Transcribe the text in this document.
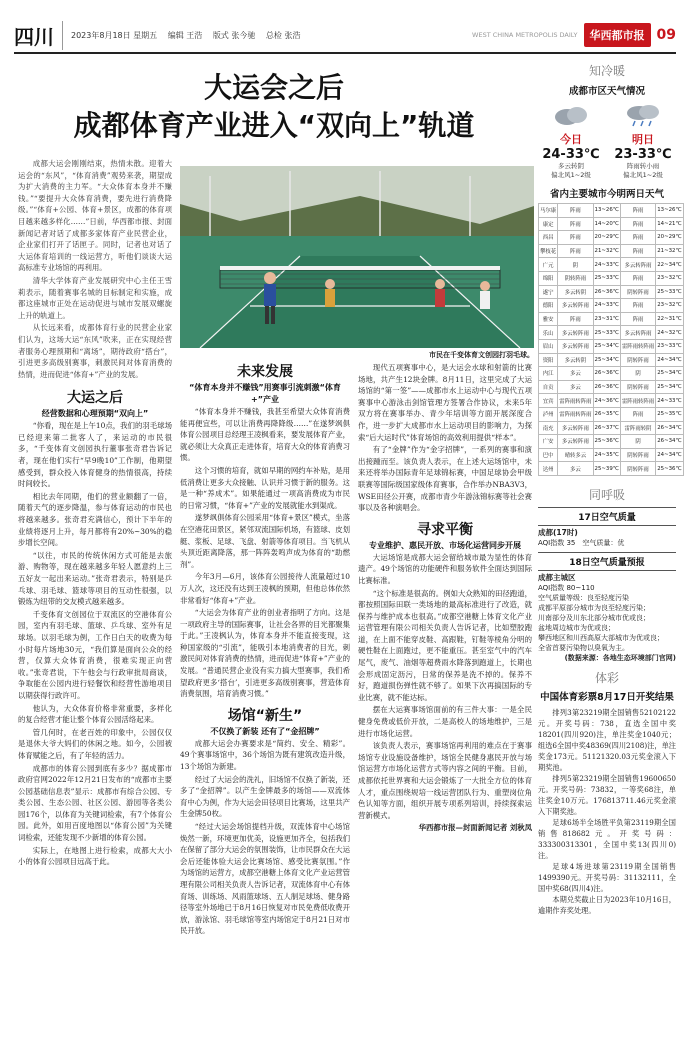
四川	2023年8月18日 星期五 编辑 王浩 版式 张今驰 总检 张浩	WEST CHINA METROPOLIS DAILY	华西都市报 09
大运会之后
成都体育产业进入“双向上”轨道

成都大运会刚刚结束，热情未散。迎着大运会的“东风”，“体育消费”观势来袭，期望成为扩大消费的主力军。“大众体育本身并不赚钱。”“要提升大众体育消费，要先进行消费降级。”“体育+公园、体育+景区，成都的体育项目越来越多样化……”日前，华西都市报、封面新闻记者对话了成都多家体育产业民营企业，企业家们打开了话匣子。同时，记者也对话了大运体育培训的一线运营方，听他们谈谈大运高标准专业场馆的再利用。

清华大学体育产业发展研究中心主任王雪莉表示，随着赛事名城的目标制定和实施，成都这座城市正处在运动促进与城市发展双螺旋上升的轨道上。

从长远来看，成都体育行业的民营企业家们认为，这场大运“东风”吹来，正在实现经营者服务心理预期和“离场”，期待政府“搭台”，引进更多高级别赛事，刺激民间对体育消费的热情，进而促进“体育+”产业的发展。

大运之后
经营数据和心理预期“双向上”

“你看，现在是上午10点，我们的羽毛球场已经迎来第二批客人了，来运动的市民很多，“千变体育文创园执行董事张奇君告诉记者，现在他们实行“早9晚10”工作制，他期望感受到，群众投入体育健身的热情很高，持续时间较长。

相比去年同期，他们的营业额翻了一倍，随着天气的逐步降温，参与体育运动的市民也将越来越多。张奇君充满信心，预计下半年的业绩将逐月上升，每月都将有20%~30%的稳步增长空间。

“以往，市民的传统休闲方式可能是去旅游、购物等，现在越来越多年轻人愿意约上三五好友一起出来运动。”张奇君表示，特别是乒乓球、羽毛球、篮球等项目的互动性很强，以锻炼为纽带的交友模式越来越多。

千变体育文创园位于双流区的空港体育公园，室内有羽毛球、篮球、乒乓球、室外有足球场。以羽毛球为例，工作日白天的收费为每小时每片场地30元，“我们算是面向公众的经营，仅算大众体育消费，很难实现正向营收。”张奇君说，下午他会与行政审批局商谈，争取能在公园内进行轻餐饮和经营性游地项目以期获得行政许可。

他认为，大众体育价格非常重要，多样化的复合经营才能让整个体育公园活络起来。

管几何时，在老百姓的印象中，公园仅仅是退休大爷大妈们的休闲之地。如今，公园被体育赋能之后，有了年轻的活力。

成都市的体育公园到底有多少？据成都市政府官网2022年12月21日发布的“成都市主要公园基础信息表”显示：成都市有综合公园、专类公园、生态公园、社区公园、游园等各类公园176个，以体育为关键词检索，有7个体育公园。此外，如用百度地图以“体育公园”为关键词检索，还能发现不少新增的体育公园。

实际上，在地图上进行检索，成都大大小小的体育公园项目远高于此。

市民在千变体育文创园打羽毛球。
未来发展
“体育本身并不赚钱”用赛事引流刺激“体育+”产业

“体育本身并不赚钱，我甚至希望大众体育消费能再便宜些，可以让消费再降降级……”在遂梦飒俱体育公园项目总经理王凌枫看来，要发展体育产业，就必须让大众真正走进体育，培育大众的体育消费习惯。

这个习惯的培育，就如早期的网约车补贴，是用低消费让更多大众接触、认识并习惯于新的服务。这是一种“养成术”。如果能通过一项高消费成为市民的日常习惯，“体育+”产业的发展就能水到渠成。

遂梦飒俱体育公园采用“体育+景区”模式，坐落在空港花田景区，紧邻双流国际机场，有篮球、皮划艇、浆板、足球、飞盘、射箭等体育项目。当飞机从头顶近距离降落，那一阵阵轰鸣声成为体育的“助燃剂”。

今年3月—6月，该体育公园接待人流量超过10万人次，这还没有达到王凌枫的预期，但他总体依然非常看好“体育+”产业。

“大运会为体育产业的创业者指明了方向。这是一项政府主导的国际赛事，让社会各界的目光都聚集于此。”王凌枫认为，体育本身并不能直接变现，这种国家级的“引流”，能吸引本地消费者的目光，刺激民间对体育消费的热情，进而促进“体育+”产业的发展。“普通民营企业没有实力搞大型赛事，我们希望政府更多‘搭台’，引进更多高级别赛事，营造体育消费氛围，培育消费习惯。”

场馆“新生”
不仅换了新装 还有了“金招牌”

成都大运会办赛要求是“简约、安全、精彩”。49个赛事场馆中，36个场馆为既有建筑改造升级，13个场馆为新建。

经过了大运会的洗礼，旧场馆不仅换了新装，还多了“金招牌”。以产生金牌最多的场馆——双流体育中心为例，作为大运会田径项目比赛场，这里共产生金牌50枚。

“经过大运会场馆提档升级，双流体育中心场馆焕然一新，环境更加优美，设施更加齐全，包括我们在保留了部分大运会的氛围装饰，让市民群众在大运会后还能体验大运会比赛场馆、感受比赛氛围。”作为场馆的运营方，成都空港糖上体育文化产业运营管理有限公司相关负责人告诉记者，双流体育中心有体育场、训练场、风雨篮球场、五人制足球场、健身路径等室外场地已于8月16日恢复对市民免费低收费开放，游泳馆、羽毛球馆等室内场馆定于8月21日对市民开放。

现代五项赛事中心，是大运会水球和射箭的比赛场地，共产生12块金牌。8月11日，这里完成了大运场馆的“第一签”——成都市水上运动中心与现代五项赛事中心游泳击剑馆管理方签署合作协议，未来5年双方将在赛事举办、青少年培训等方面开展深度合作，进一步扩大成都市水上运动项目的影响力，为探索“后大运时代”体育场馆的高效利用提供“样本”。

有了“金牌”作为“金字招牌”，一系列的赛事和演出接踵而至。该负责人表示，在上述大运场馆中，未来还将举办国际青年足球锦标赛，中国足球协会甲级联赛等国际级国家级体育赛事，合作举办NBA3V3，WSE田径公开赛，成都市青少年游泳锦标赛等社会赛事以及各种演唱会。

寻求平衡
专业维护、惠民开放、市场化运营同步开展

大运场馆是成都大运会留给城市最为显性的体育遗产。49个场馆的功能硬件和服务软件全面达到国际比赛标准。

“这个标准是很高的。例如大众熟知的田径跑道，都按照国际田联一类场地的最高标准进行了改造，就保养与维护成本也很高。”成都空港糖上体育文化产业运营管理有限公司相关负责人告诉记者，比如塑胶跑道，在上面不能穿皮鞋、高跟鞋，钉鞋等棱角分明的硬性鞋在上面跑过，更不能重压。甚至室气中的汽车尾气，废气、油烟等超费雨水降落到跑道上，长期也会形成固定沥污，日常的保养是洗不掉的。保养不好，跑道损伤弹性就不够了。如果下次再搞国际的专业比赛，就不能达标。

摆在大运赛事场馆面前的有三件大事：一是全民健身免费或低价开放，二是高校人的场地维护，三是进行市场化运营。

该负责人表示，赛事场馆再利用的难点在于赛事场馆专业设施设备维护，场馆全民健身惠民开放与场馆运营方市场化运营方式等内容之间的平衡。目前，成都依托世界赛和大运会锻炼了一大批全方位的体育人才，重点围绕规培一线运营团队行为、重塑岗位角色认知等方面，组织开展专项系列培训，持续探索运营新模式。

华西都市报—封面新闻记者 刘秋凤
知冷暖
成都市区天气情况
今日
24-33℃
多云转阴
偏北风1~2级
明日
23-33℃
阵雨转小雨
偏北风1~2级
省内主要城市今明两日天气
马尔康	阵雨	13~26℃	阵雨	13~26℃
康定	阵雨	14~20℃	阵雨	14~21℃
西昌	阵雨	20~29℃	阵雨	20~29℃
攀枝花	阵雨	21~32℃	阵雨	21~32℃
广元	阴	24~33℃	多云转阵雨	22~34℃
绵阳	阴转阵雨	25~33℃	阵雨	23~32℃
遂宁	多云转阴	26~36℃	阴转阵雨	25~33℃
德阳	多云转阵雨	24~33℃	阵雨	23~32℃
雅安	阵雨	23~31℃	阵雨	22~31℃
乐山	多云转阵雨	25~33℃	多云转阵雨	24~32℃
眉山	多云转阵雨	25~34℃	雷阵雨转阵雨	23~33℃
资阳	多云转阴	25~34℃	阴转阵雨	24~34℃
内江	多云	26~36℃	阴	25~34℃
自贡	多云	26~36℃	阴转阵雨	25~34℃
宜宾	雷阵雨转阵雨	24~36℃	雷阵雨转阵雨	24~33℃
泸州	雷阵雨转阵雨	26~35℃	阵雨	25~35℃
南充	多云转阵雨	26~37℃	雷阵雨转阴	26~34℃
广安	多云转阵雨	25~36℃	阴	26~34℃
巴中	晴转多云	24~35℃	阴转阵雨	24~34℃
达州	多云	25~39℃	阴转阵雨	25~36℃
同呼吸
17日空气质量
成都(17时)
AQI指数 35　空气质量：优
18日空气质量预报
成都主城区
AQI指数 80~110
空气质量等级：良至轻度污染
成都平原部分城市为良至轻度污染；
川南部分及川东北部分城市优或良；
盆地周边城市为优或良；
攀西地区和川西高原大部城市为优或良；
全省首要污染物以臭氧为主。
(数据来源：各地生态环境部门官网)
体彩
中国体育彩票8月17日开奖结果

排列3第23219期全国销售52102122元。开奖号码：738，直选全国中奖18201(四川920)注，单注奖金1040元；组选6全国中奖48369(四川2108)注，单注奖金173元。51121320.03元奖金滚入下期奖池。

排列5第23219期全国销售19600650元。开奖号码：73832，一等奖68注，单注奖金10万元。176813711.46元奖金滚入下期奖池。

足球6场半全场胜平负第23119期全国销售818682元。开奖号码：333300313301，全国中奖13(四川0)注。

足球4场进球第23119期全国销售1499390元。开奖号码：31132111，全国中奖68(四川4)注。

本期兑奖截止日为2023年10月16日，逾期作弃奖处理。
